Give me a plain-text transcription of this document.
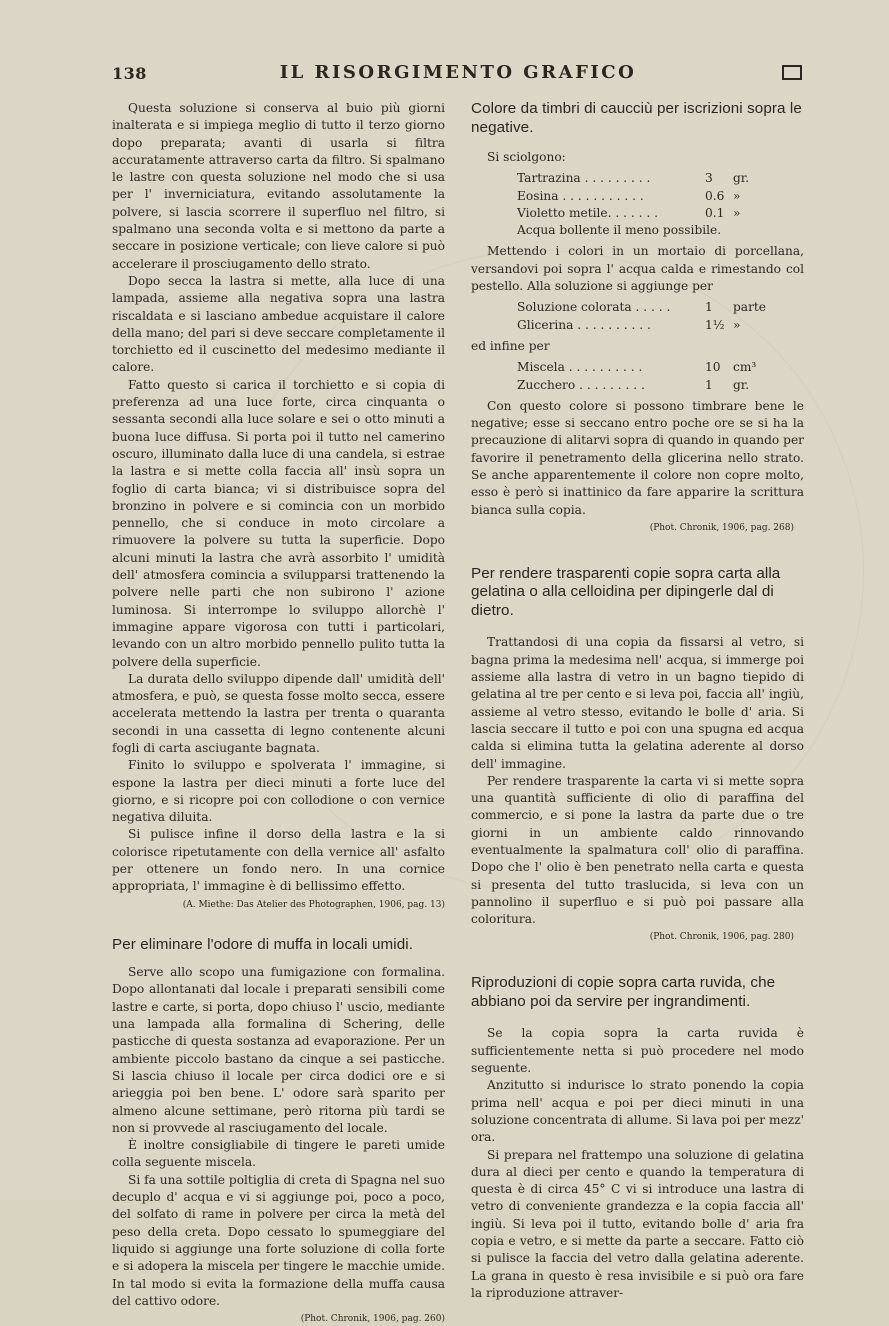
138	IL RISORGIMENTO GRAFICO

Questa soluzione si conserva al buio più giorni inalterata e si impiega meglio di tutto il terzo giorno dopo preparata; avanti di usarla si filtra accuratamente attraverso carta da filtro. Si spalmano le lastre con questa soluzione nel modo che si usa per l' inverniciatura, evitando assolutamente la polvere, si lascia scorrere il superfluo nel filtro, si spalmano una seconda volta e si mettono da parte a seccare in posizione verticale; con lieve calore si può accelerare il prosciugamento dello strato.

Dopo secca la lastra si mette, alla luce di una lampada, assieme alla negativa sopra una lastra riscaldata e si lasciano ambedue acquistare il calore della mano; del pari si deve seccare completamente il torchietto ed il cuscinetto del medesimo mediante il calore.

Fatto questo si carica il torchietto e si copia di preferenza ad una luce forte, circa cinquanta o sessanta secondi alla luce solare e sei o otto minuti a buona luce diffusa. Si porta poi il tutto nel camerino oscuro, illuminato dalla luce di una candela, si estrae la lastra e si mette colla faccia all' insù sopra un foglio di carta bianca; vi si distribuisce sopra del bronzino in polvere e si comincia con un morbido pennello, che si conduce in moto circolare a rimuovere la polvere su tutta la superficie. Dopo alcuni minuti la lastra che avrà assorbito l' umidità dell' atmosfera comincia a svilupparsi trattenendo la polvere nelle parti che non subirono l' azione luminosa. Si interrompe lo sviluppo allorchè l' immagine appare vigorosa con tutti i particolari, levando con un altro morbido pennello pulito tutta la polvere della superficie.

La durata dello sviluppo dipende dall' umidità dell' atmosfera, e può, se questa fosse molto secca, essere accelerata mettendo la lastra per trenta o quaranta secondi in una cassetta di legno contenente alcuni fogli di carta asciugante bagnata.

Finito lo sviluppo e spolverata l' immagine, si espone la lastra per dieci minuti a forte luce del giorno, e si ricopre poi con collodione o con vernice negativa diluita.

Si pulisce infine il dorso della lastra e la si colorisce ripetutamente con della vernice all' asfalto per ottenere un fondo nero. In una cornice appropriata, l' immagine è di bellissimo effetto.

(A. Miethe: Das Atelier des Photographen, 1906, pag. 13)

Per eliminare l'odore di muffa in locali umidi.

Serve allo scopo una fumigazione con formalina. Dopo allontanati dal locale i preparati sensibili come lastre e carte, si porta, dopo chiuso l' uscio, mediante una lampada alla formalina di Schering, delle pasticche di questa sostanza ad evaporazione. Per un ambiente piccolo bastano da cinque a sei pasticche. Si lascia chiuso il locale per circa dodici ore e si arieggia poi ben bene. L' odore sarà sparito per almeno alcune settimane, però ritorna più tardi se non si provvede al rasciugamento del locale.

È inoltre consigliabile di tingere le pareti umide colla seguente miscela.

Si fa una sottile poltiglia di creta di Spagna nel suo decuplo d' acqua e vi si aggiunge poi, poco a poco, del solfato di rame in polvere per circa la metà del peso della creta. Dopo cessato lo spumeggiare del liquido si aggiunge una forte soluzione di colla forte e si adopera la miscela per tingere le macchie umide. In tal modo si evita la formazione della muffa causa del cattivo odore.

(Phot. Chronik, 1906, pag. 260)

Colore da timbri di caucciù per iscrizioni sopra le negative.

Si sciolgono:

Tartrazina . . . . . . . . .	3	gr.
Eosina . . . . . . . . . . .	0.6 »
Violetto metile. . . . . . .	0.1 »
Acqua bollente il meno possibile.

Mettendo i colori in un mortaio di porcellana, versandovi poi sopra l' acqua calda e rimestando col pestello. Alla soluzione si aggiunge per

Soluzione colorata . . . . .	1	parte
Glicerina . . . . . . . . . .	1½ »

ed infine per

Miscela . . . . . . . . . .	10	cm³
Zucchero . . . . . . . . .	1	gr.

Con questo colore si possono timbrare bene le negative; esse si seccano entro poche ore se si ha la precauzione di alitarvi sopra di quando in quando per favorire il penetramento della glicerina nello strato. Se anche apparentemente il colore non copre molto, esso è però si inattinico da fare apparire la scrittura bianca sulla copia.

(Phot. Chronik, 1906, pag. 268)

Per rendere trasparenti copie sopra carta alla gelatina o alla celloidina per dipingerle dal di dietro.

Trattandosi di una copia da fissarsi al vetro, si bagna prima la medesima nell' acqua, si immerge poi assieme alla lastra di vetro in un bagno tiepido di gelatina al tre per cento e si leva poi, faccia all' ingiù, assieme al vetro stesso, evitando le bolle d' aria. Si lascia seccare il tutto e poi con una spugna ed acqua calda si elimina tutta la gelatina aderente al dorso dell' immagine.

Per rendere trasparente la carta vi si mette sopra una quantità sufficiente di olio di paraffina del commercio, e si pone la lastra da parte due o tre giorni in un ambiente caldo rinnovando eventualmente la spalmatura coll' olio di paraffina. Dopo che l' olio è ben penetrato nella carta e questa si presenta del tutto traslucida, si leva con un pannolino il superfluo e si può poi passare alla coloritura.

(Phot. Chronik, 1906, pag. 280)

Riproduzioni di copie sopra carta ruvida, che abbiano poi da servire per ingrandimenti.

Se la copia sopra la carta ruvida è sufficientemente netta si può procedere nel modo seguente.

Anzitutto si indurisce lo strato ponendo la copia prima nell' acqua e poi per dieci minuti in una soluzione concentrata di allume. Si lava poi per mezz' ora.

Si prepara nel frattempo una soluzione di gelatina dura al dieci per cento e quando la temperatura di questa è di circa 45° C vi si introduce una lastra di vetro di conveniente grandezza e la copia faccia all' ingiù. Si leva poi il tutto, evitando bolle d' aria fra copia e vetro, e si mette da parte a seccare. Fatto ciò si pulisce la faccia del vetro dalla gelatina aderente. La grana in questo è resa invisibile e si può ora fare la riproduzione attraver-
